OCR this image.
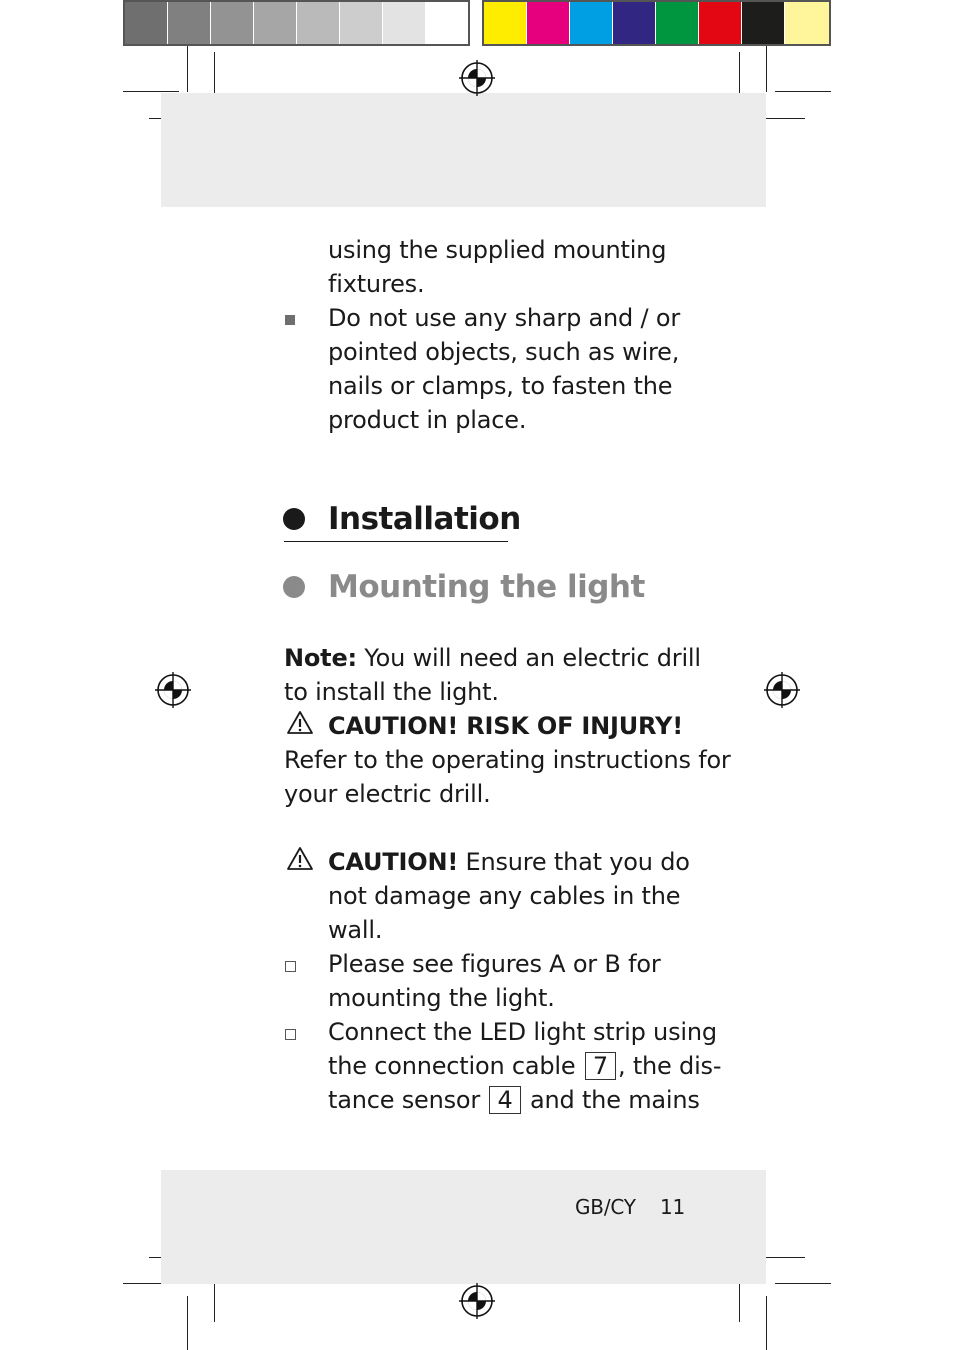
using the supplied mounting
fixtures.
Do not use any sharp and / or
pointed objects, such as wire,
nails or clamps, to fasten the
product in place.
Installation
Mounting the light
Note: You will need an electric drill
to install the light.
CAUTION! RISK OF INJURY!
Refer to the operating instructions for
your electric drill.
CAUTION! Ensure that you do
not damage any cables in the
wall.
Please see figures A or B for
mounting the light.
Connect the LED light strip using
the connection cable 7 , the dis-
tance sensor 4 and the mains
GB/CY 11
